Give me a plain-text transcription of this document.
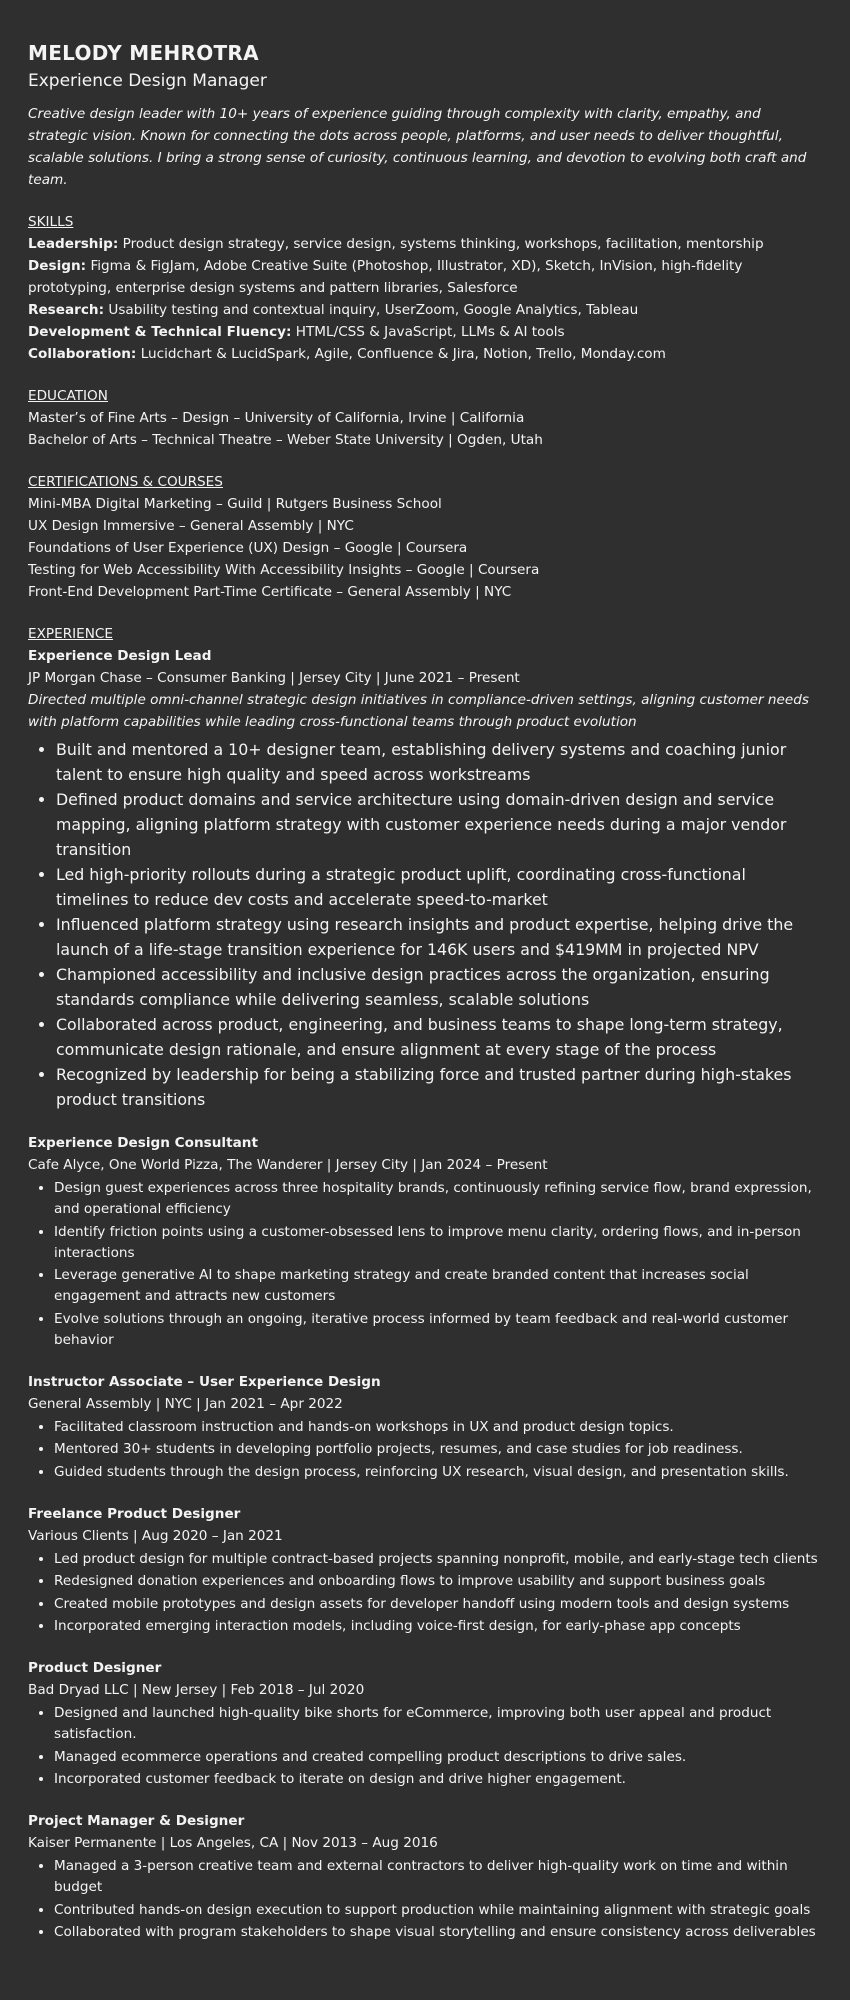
MELODY MEHROTRA

Experience Design Manager

Creative design leader with 10+ years of experience guiding through complexity with clarity, empathy, and strategic vision. Known for connecting the dots across people, platforms, and user needs to deliver thoughtful, scalable solutions. I bring a strong sense of curiosity, continuous learning, and devotion to evolving both craft and team.

SKILLS

Leadership: Product design strategy, service design, systems thinking, workshops, facilitation, mentorship

Design: Figma & FigJam, Adobe Creative Suite (Photoshop, Illustrator, XD), Sketch, InVision, high-fidelity prototyping, enterprise design systems and pattern libraries, Salesforce

Research: Usability testing and contextual inquiry, UserZoom, Google Analytics, Tableau

Development & Technical Fluency: HTML/CSS & JavaScript, LLMs & AI tools

Collaboration: Lucidchart & LucidSpark, Agile, Confluence & Jira, Notion, Trello, Monday.com

EDUCATION

Master’s of Fine Arts – Design – University of California, Irvine | California

Bachelor of Arts – Technical Theatre – Weber State University | Ogden, Utah

CERTIFICATIONS & COURSES

Mini-MBA Digital Marketing – Guild | Rutgers Business School

UX Design Immersive – General Assembly | NYC

Foundations of User Experience (UX) Design – Google | Coursera

Testing for Web Accessibility With Accessibility Insights – Google | Coursera

Front-End Development Part-Time Certificate – General Assembly | NYC

EXPERIENCE

Experience Design Lead

JP Morgan Chase – Consumer Banking | Jersey City | June 2021 – Present

Directed multiple omni-channel strategic design initiatives in compliance-driven settings, aligning customer needs with platform capabilities while leading cross-functional teams through product evolution

• Built and mentored a 10+ designer team, establishing delivery systems and coaching junior talent to ensure high quality and speed across workstreams
• Defined product domains and service architecture using domain-driven design and service mapping, aligning platform strategy with customer experience needs during a major vendor transition
• Led high-priority rollouts during a strategic product uplift, coordinating cross-functional timelines to reduce dev costs and accelerate speed-to-market
• Influenced platform strategy using research insights and product expertise, helping drive the launch of a life-stage transition experience for 146K users and $419MM in projected NPV
• Championed accessibility and inclusive design practices across the organization, ensuring standards compliance while delivering seamless, scalable solutions
• Collaborated across product, engineering, and business teams to shape long-term strategy, communicate design rationale, and ensure alignment at every stage of the process
• Recognized by leadership for being a stabilizing force and trusted partner during high-stakes product transitions

Experience Design Consultant

Cafe Alyce, One World Pizza, The Wanderer | Jersey City | Jan 2024 – Present

• Design guest experiences across three hospitality brands, continuously refining service flow, brand expression, and operational efficiency
• Identify friction points using a customer-obsessed lens to improve menu clarity, ordering flows, and in-person interactions
• Leverage generative AI to shape marketing strategy and create branded content that increases social engagement and attracts new customers
• Evolve solutions through an ongoing, iterative process informed by team feedback and real-world customer behavior

Instructor Associate – User Experience Design

General Assembly | NYC | Jan 2021 – Apr 2022

• Facilitated classroom instruction and hands-on workshops in UX and product design topics.
• Mentored 30+ students in developing portfolio projects, resumes, and case studies for job readiness.
• Guided students through the design process, reinforcing UX research, visual design, and presentation skills.

Freelance Product Designer

Various Clients | Aug 2020 – Jan 2021

• Led product design for multiple contract-based projects spanning nonprofit, mobile, and early-stage tech clients
• Redesigned donation experiences and onboarding flows to improve usability and support business goals
• Created mobile prototypes and design assets for developer handoff using modern tools and design systems
• Incorporated emerging interaction models, including voice-first design, for early-phase app concepts

Product Designer

Bad Dryad LLC | New Jersey | Feb 2018 – Jul 2020

• Designed and launched high-quality bike shorts for eCommerce, improving both user appeal and product satisfaction.
• Managed ecommerce operations and created compelling product descriptions to drive sales.
• Incorporated customer feedback to iterate on design and drive higher engagement.

Project Manager & Designer

Kaiser Permanente | Los Angeles, CA | Nov 2013 – Aug 2016

• Managed a 3-person creative team and external contractors to deliver high-quality work on time and within budget
• Contributed hands-on design execution to support production while maintaining alignment with strategic goals
• Collaborated with program stakeholders to shape visual storytelling and ensure consistency across deliverables
